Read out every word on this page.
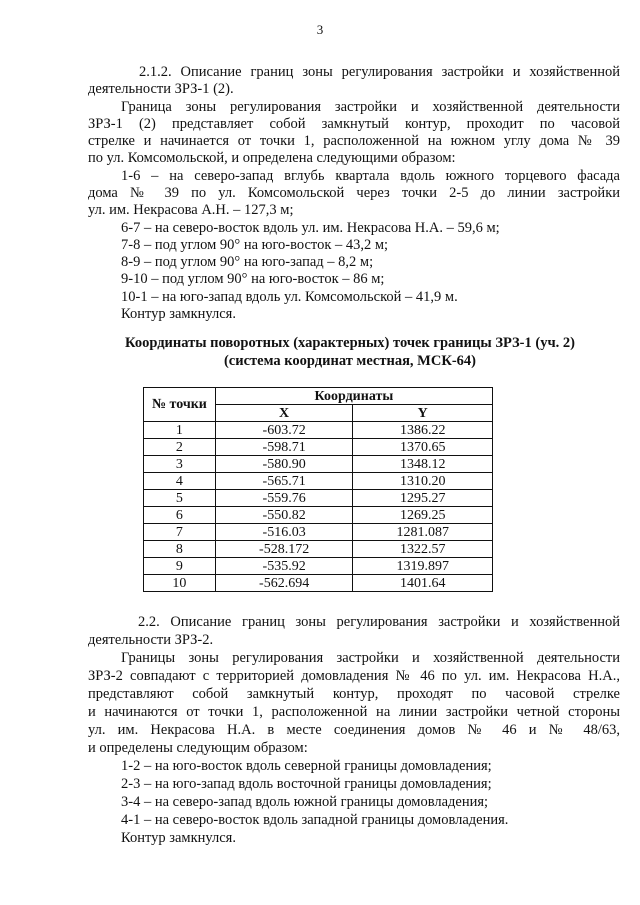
3

2.1.2. Описание границ зоны регулирования застройки и хозяйственной

деятельности ЗРЗ-1 (2).

Граница зоны регулирования застройки и хозяйственной деятельности

ЗРЗ-1 (2) представляет собой замкнутый контур, проходит по часовой

стрелке и начинается от точки 1, расположенной на южном углу дома № 39

по ул. Комсомольской, и определена следующими образом:

1-6 – на северо-запад вглубь квартала вдоль южного торцевого фасада

дома № 39 по ул. Комсомольской через точки 2-5 до линии застройки

ул. им. Некрасова А.Н. – 127,3 м;

6-7 – на северо-восток вдоль ул. им. Некрасова Н.А. – 59,6 м;

7-8 – под углом 90° на юго-восток – 43,2 м;

8-9 – под углом 90° на юго-запад – 8,2 м;

9-10 – под углом 90° на юго-восток – 86 м;

10-1 – на юго-запад вдоль ул. Комсомольской – 41,9 м.

Контур замкнулся.

Координаты поворотных (характерных) точек границы ЗРЗ-1 (уч. 2)

(система координат местная, МСК-64)

№ точки	Координаты	
	X	Y
1	-603.72	1386.22
2	-598.71	1370.65
3	-580.90	1348.12
4	-565.71	1310.20
5	-559.76	1295.27
6	-550.82	1269.25
7	-516.03	1281.087
8	-528.172	1322.57
9	-535.92	1319.897
10	-562.694	1401.64

2.2. Описание границ зоны регулирования застройки и хозяйственной

деятельности ЗРЗ-2.

Границы зоны регулирования застройки и хозяйственной деятельности

ЗРЗ-2 совпадают с территорией домовладения № 46 по ул. им. Некрасова Н.А.,

представляют собой замкнутый контур, проходят по часовой стрелке

и начинаются от точки 1, расположенной на линии застройки четной стороны

ул. им. Некрасова Н.А. в месте соединения домов № 46 и № 48/63,

и определены следующим образом:

1-2 – на юго-восток вдоль северной границы домовладения;

2-3 – на юго-запад вдоль восточной границы домовладения;

3-4 – на северо-запад вдоль южной границы домовладения;

4-1 – на северо-восток вдоль западной границы домовладения.

Контур замкнулся.
